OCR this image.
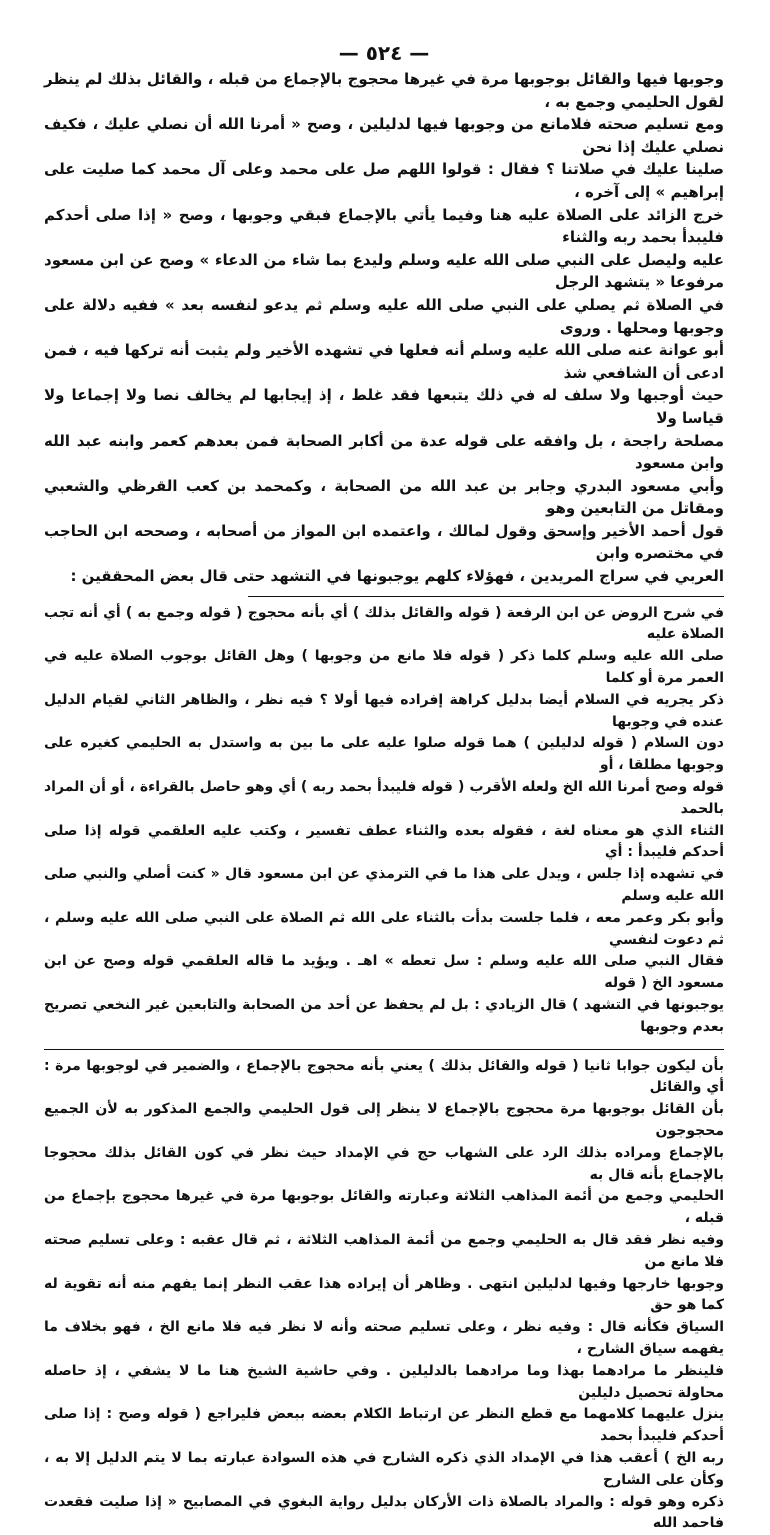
— ٥٢٤ —

وجوبها فيها والقائل بوجوبها مرة في غيرها محجوج بالإجماع من قبله ، والقائل بذلك لم ينظر لقول الحليمي وجمع به ،

ومع تسليم صحته فلامانع من وجوبها فيها لدليلين ، وصح « أمرنا الله أن نصلي عليك ، فكيف نصلي عليك إذا نحن

صلينا عليك في صلاتنا ؟ فقال : قولوا اللهم صل على محمد وعلى آل محمد كما صليت على إبراهيم » إلى آخره ،

خرج الزائد على الصلاة عليه هنا وفيما يأتي بالإجماع فبقي وجوبها ، وصح « إذا صلى أحدكم فليبدأ بحمد ربه والثناء

عليه وليصل على النبي صلى الله عليه وسلم وليدع بما شاء من الدعاء » وصح عن ابن مسعود مرفوعا « يتشهد الرجل

في الصلاة ثم يصلي على النبي صلى الله عليه وسلم ثم يدعو لنفسه بعد » ففيه دلالة على وجوبها ومحلها . وروى

أبو عوانة عنه صلى الله عليه وسلم أنه فعلها في تشهده الأخير ولم يثبت أنه تركها فيه ، فمن ادعى أن الشافعي شذ

حيث أوجبها ولا سلف له في ذلك يتبعها فقد غلط ، إذ إيجابها لم يخالف نصا ولا إجماعا ولا قياسا ولا

مصلحة راجحة ، بل وافقه على قوله عدة من أكابر الصحابة فمن بعدهم كعمر وابنه عبد الله وابن مسعود

وأبي مسعود البدري وجابر بن عبد الله من الصحابة ، وكمحمد بن كعب القرظي والشعبي ومقاتل من التابعين وهو

قول أحمد الأخير وإسحق وقول لمالك ، واعتمده ابن المواز من أصحابه ، وصححه ابن الحاجب في مختصره وابن

العربي في سراج المريدين ، فهؤلاء كلهم يوجبونها في التشهد حتى قال بعض المحققين :

في شرح الروض عن ابن الرفعة ( قوله والقائل بذلك ) أي بأنه محجوج ( قوله وجمع به ) أي أنه تجب الصلاة عليه

صلى الله عليه وسلم كلما ذكر ( قوله فلا مانع من وجوبها ) وهل القائل بوجوب الصلاة عليه في العمر مرة أو كلما

ذكر يجريه في السلام أيضا بدليل كراهة إفراده فيها أولا ؟ فيه نظر ، والظاهر الثاني لقيام الدليل عنده في وجوبها

دون السلام ( قوله لدليلين ) هما قوله صلوا عليه على ما بين به واستدل به الحليمي كغيره على وجوبها مطلقا ، أو

قوله وصح أمرنا الله الخ ولعله الأقرب ( قوله فليبدأ بحمد ربه ) أي وهو حاصل بالقراءة ، أو أن المراد بالحمد

الثناء الذي هو معناه لغة ، فقوله بعده والثناء عطف تفسير ، وكتب عليه العلقمي قوله إذا صلى أحدكم فليبدأ : أي

في تشهده إذا جلس ، ويدل على هذا ما في الترمذي عن ابن مسعود قال « كنت أصلي والنبي صلى الله عليه وسلم

وأبو بكر وعمر معه ، فلما جلست بدأت بالثناء على الله ثم الصلاة على النبي صلى الله عليه وسلم ، ثم دعوت لنفسي

فقال النبي صلى الله عليه وسلم : سل تعطه » اهـ . ويؤيد ما قاله العلقمي قوله وصح عن ابن مسعود الخ ( قوله

يوجبونها في التشهد ) قال الزيادي : بل لم يحفظ عن أحد من الصحابة والتابعين غير النخعي تصريح بعدم وجوبها

بأن ليكون جوابا ثانيا ( قوله والقائل بذلك ) يعني بأنه محجوج بالإجماع ، والضمير في لوجوبها مرة : أي والقائل

بأن القائل بوجوبها مرة محجوج بالإجماع لا ينظر إلى قول الحليمي والجمع المذكور به لأن الجميع محجوجون

بالإجماع ومراده بذلك الرد على الشهاب حج في الإمداد حيث نظر في كون القائل بذلك محجوجا بالإجماع بأنه قال به

الحليمي وجمع من أئمة المذاهب الثلاثة وعبارته والقائل بوجوبها مرة في غيرها محجوج بإجماع من قبله ،

وفيه نظر فقد قال به الحليمي وجمع من أئمة المذاهب الثلاثة ، ثم قال عقبه : وعلى تسليم صحته فلا مانع من

وجوبها خارجها وفيها لدليلين انتهى . وظاهر أن إيراده هذا عقب النظر إنما يفهم منه أنه تقوية له كما هو حق

السياق فكأنه قال : وفيه نظر ، وعلى تسليم صحته وأنه لا نظر فيه فلا مانع الخ ، فهو بخلاف ما يفهمه سياق الشارح ،

فلينظر ما مرادهما بهذا وما مرادهما بالدليلين . وفي حاشية الشيخ هنا ما لا يشفي ، إذ حاصله محاولة تحصيل دليلين

ينزل عليهما كلامهما مع قطع النظر عن ارتباط الكلام بعضه ببعض فليراجع ( قوله وصح : إذا صلى أحدكم فليبدأ بحمد

ربه الخ ) أعقب هذا في الإمداد الذي ذكره الشارح في هذه السوادة عبارته بما لا يتم الدليل إلا به ، وكأن على الشارح

ذكره وهو قوله : والمراد بالصلاة ذات الأركان بدليل رواية البغوي في المصابيح « إذا صليت فقعدت فاحمد الله
